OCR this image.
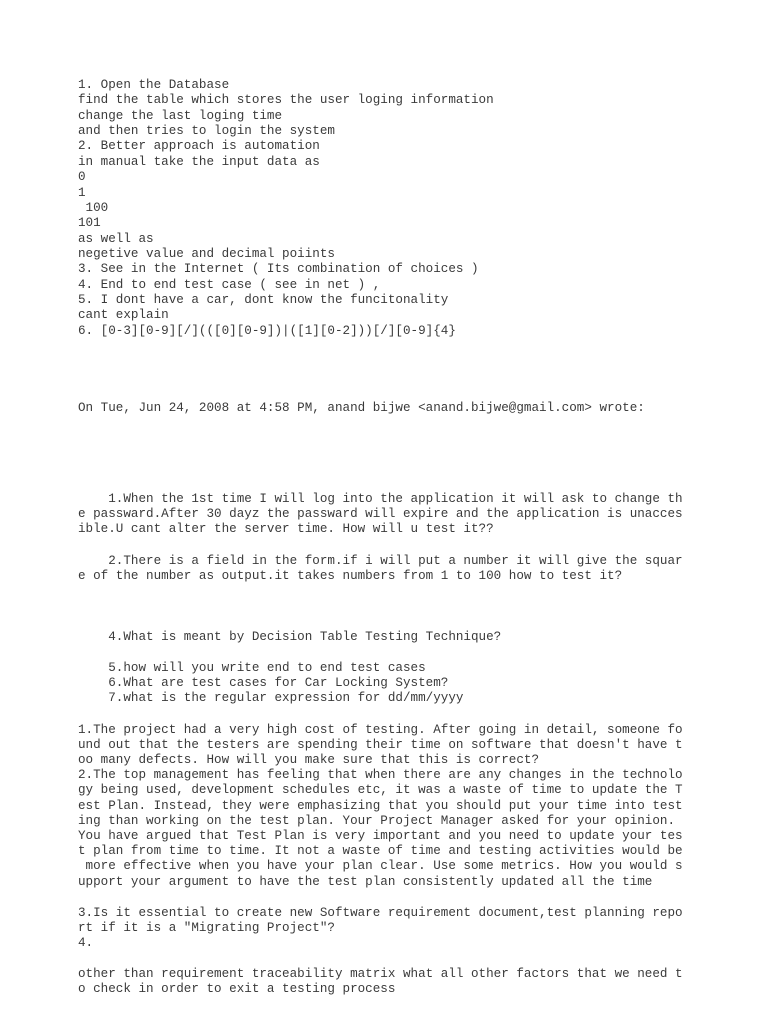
1. Open the Database

find the table which stores the user loging information

change the last loging time

and then tries to login the system

2. Better approach is automation

in manual take the input data as

0

1

100

101

as well as

negetive value and decimal poiints

3. See in the Internet ( Its combination of choices )

4. End to end test case ( see in net ) ,

5. I dont have a car, dont know the funcitonality

cant explain

6. [0-3][0-9][/](([0][0-9])|([1][0-2]))[/][0-9]{4}

On Tue, Jun 24, 2008 at 4:58 PM, anand bijwe <anand.bijwe@gmail.com> wrote:

1.When the 1st time I will log into the application it will ask to change th

e passward.After 30 dayz the passward will expire and the application is unacces

ible.U cant alter the server time. How will u test it??

2.There is a field in the form.if i will put a number it will give the squar

e of the number as output.it takes numbers from 1 to 100 how to test it?

4.What is meant by Decision Table Testing Technique?

5.how will you write end to end test cases

6.What are test cases for Car Locking System?

7.what is the regular expression for dd/mm/yyyy

1.The project had a very high cost of testing. After going in detail, someone fo

und out that the testers are spending their time on software that doesn't have t

oo many defects. How will you make sure that this is correct?

2.The top management has feeling that when there are any changes in the technolo

gy being used, development schedules etc, it was a waste of time to update the T

est Plan. Instead, they were emphasizing that you should put your time into test

ing than working on the test plan. Your Project Manager asked for your opinion.

You have argued that Test Plan is very important and you need to update your tes

t plan from time to time. It not a waste of time and testing activities would be

more effective when you have your plan clear. Use some metrics. How you would s

upport your argument to have the test plan consistently updated all the time

3.Is it essential to create new Software requirement document,test planning repo

rt if it is a "Migrating Project"?

4.

other than requirement traceability matrix what all other factors that we need t

o check in order to exit a testing process
